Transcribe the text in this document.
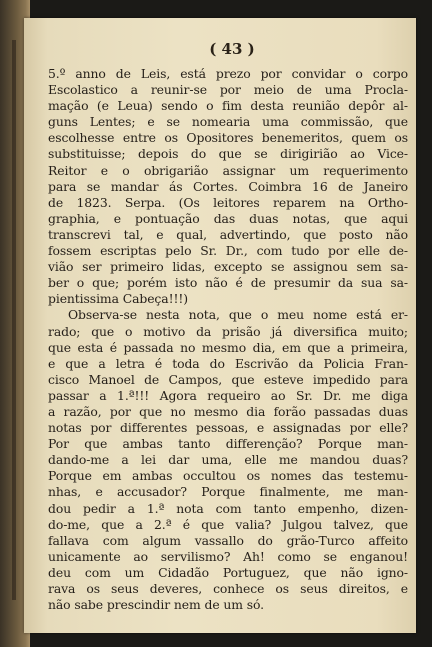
( 43 )
5.º anno de Leis, está prezo por convidar o corpo
Escolastico a reunir-se por meio de uma Procla-
mação (e Leua) sendo o fim desta reunião depôr al-
guns Lentes; e se nomearia uma commissão, que
escolhesse entre os Opositores benemeritos, quem os
substituisse; depois do que se dirigirião ao Vice-
Reitor e o obrigarião assignar um requerimento
para se mandar ás Cortes. Coimbra 16 de Janeiro
de 1823. Serpa. (Os leitores reparem na Ortho-
graphia, e pontuação das duas notas, que aqui
transcrevi tal, e qual, advertindo, que posto não
fossem escriptas pelo Sr. Dr., com tudo por elle de-
vião ser primeiro lidas, excepto se assignou sem sa-
ber o que; porém isto não é de presumir da sua sa-
pientissima Cabeça!!!)
Observa-se nesta nota, que o meu nome está er-
rado; que o motivo da prisão já diversifica muito;
que esta é passada no mesmo dia, em que a primeira,
e que a letra é toda do Escrivão da Policia Fran-
cisco Manoel de Campos, que esteve impedido para
passar a 1.ª!!! Agora requeiro ao Sr. Dr. me diga
a razão, por que no mesmo dia forão passadas duas
notas por differentes pessoas, e assignadas por elle?
Por que ambas tanto differenção? Porque man-
dando-me a lei dar uma, elle me mandou duas?
Porque em ambas occultou os nomes das testemu-
nhas, e accusador? Porque finalmente, me man-
dou pedir a 1.ª nota com tanto empenho, dizen-
do-me, que a 2.ª é que valia? Julgou talvez, que
fallava com algum vassallo do grão-Turco affeito
unicamente ao servilismo? Ah! como se enganou!
deu com um Cidadão Portuguez, que não igno-
rava os seus deveres, conhece os seus direitos, e
não sabe prescindir nem de um só.
